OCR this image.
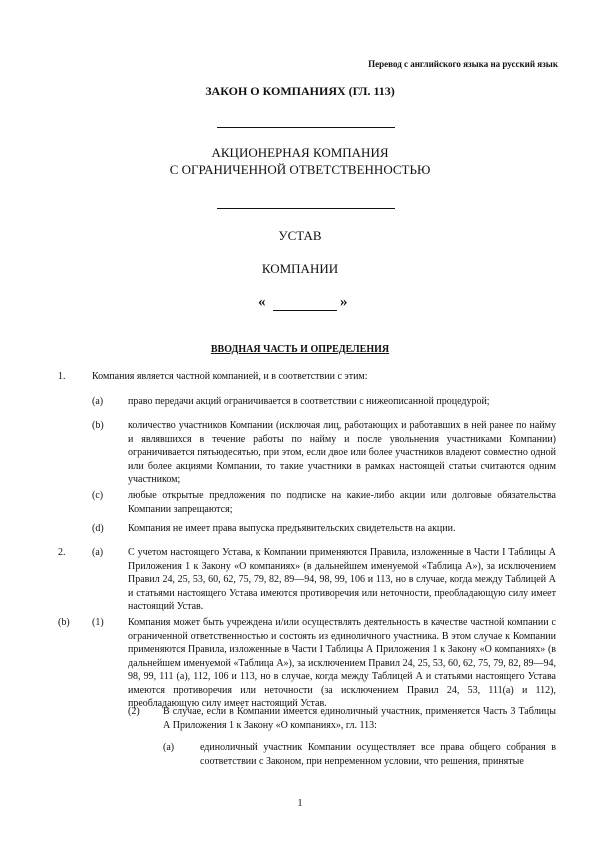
Перевод с английского языка на русский язык
ЗАКОН О КОМПАНИЯХ (ГЛ. 113)
АКЦИОНЕРНАЯ КОМПАНИЯ
С ОГРАНИЧЕННОЙ ОТВЕТСТВЕННОСТЬЮ
УСТАВ
КОМПАНИИ
«	»
ВВОДНАЯ ЧАСТЬ И ОПРЕДЕЛЕНИЯ
1.	Компания является частной компанией, и в соответствии с этим:
(a) право передачи акций ограничивается в соответствии с нижеописанной процедурой;
(b) количество участников Компании (исключая лиц, работающих и работавших в ней ранее по найму и являвшихся в течение работы по найму и после увольнения участниками Компании) ограничивается пятьюдесятью, при этом, если двое или более участников владеют совместно одной или более акциями Компании, то такие участники в рамках настоящей статьи считаются одним участником;
(c) любые открытые предложения по подписке на какие-либо акции или долговые обязательства Компании запрещаются;
(d) Компания не имеет права выпуска предъявительских свидетельств на акции.
2.	(a) С учетом настоящего Устава, к Компании применяются Правила, изложенные в Части I Таблицы А Приложения 1 к Закону «О компаниях» (в дальнейшем именуемой «Таблица А»), за исключением Правил 24, 25, 53, 60, 62, 75, 79, 82, 89—94, 98, 99, 106 и 113, но в случае, когда между Таблицей А и статьями настоящего Устава имеются противоречия или неточности, преобладающую силу имеет настоящий Устав.
(b) (1) Компания может быть учреждена и/или осуществлять деятельность в качестве частной компании с ограниченной ответственностью и состоять из единоличного участника. В этом случае к Компании применяются Правила, изложенные в Части I Таблицы А Приложения 1 к Закону «О компаниях» (в дальнейшем именуемой «Таблица А»), за исключением Правил 24, 25, 53, 60, 62, 75, 79, 82, 89—94, 98, 99, 111 (a), 112, 106 и 113, но в случае, когда между Таблицей А и статьями настоящего Устава имеются противоречия или неточности (за исключением Правил 24, 53, 111(a) и 112), преобладающую силу имеет настоящий Устав.
(2) В случае, если в Компании имеется единоличный участник, применяется Часть 3 Таблицы А Приложения 1 к Закону «О компаниях», гл. 113:
(a)	единоличный участник Компании осуществляет все права общего собрания в соответствии с Законом, при непременном условии, что решения, принятые
1
